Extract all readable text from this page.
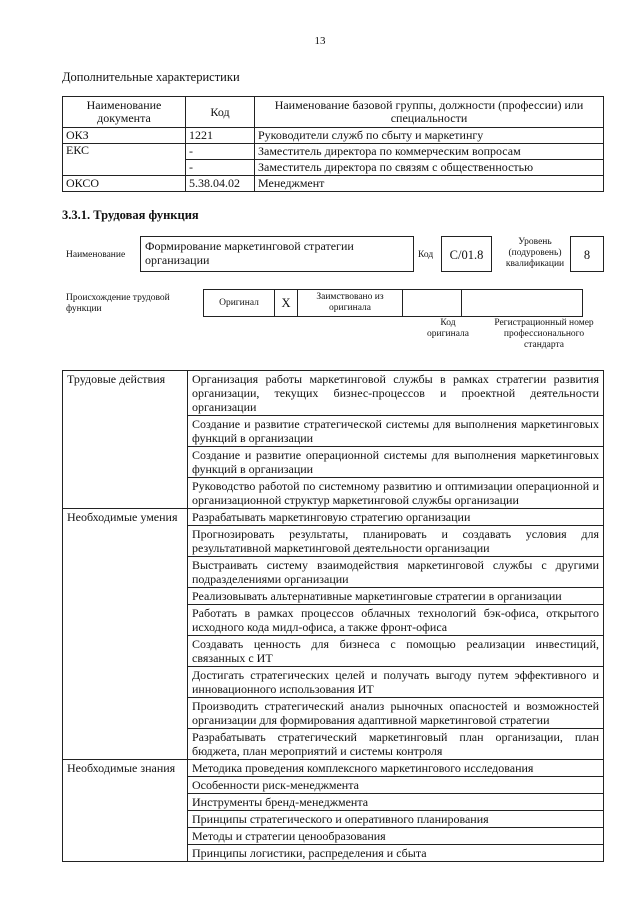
13
Дополнительные характеристики
Наименование документа	Код	Наименование базовой группы, должности (профессии) или специальности
ОКЗ	1221	Руководители служб по сбыту и маркетингу
ЕКС	-	Заместитель директора по коммерческим вопросам
	-	Заместитель директора по связям с общественностью
ОКСО	5.38.04.02	Менеджмент
3.3.1. Трудовая функция
Наименование
Формирование маркетинговой стратегии организации	Код	С/01.8
Уровень (подуровень) квалификации
8
Происхождение трудовой функции
Оригинал	Х	Заимствовано из оригинала		
Код оригинала
Регистрационный номер профессионального стандарта
Трудовые действия	Организация работы маркетинговой службы в рамках стратегии развития организации, текущих бизнес-процессов и проектной деятельности организации
	Создание и развитие стратегической системы для выполнения маркетинговых функций в организации
	Создание и развитие операционной системы для выполнения маркетинговых функций в организации
	Руководство работой по системному развитию и оптимизации операционной и организационной структур маркетинговой службы организации
Необходимые умения	Разрабатывать маркетинговую стратегию организации
	Прогнозировать результаты, планировать и создавать условия для результативной маркетинговой деятельности организации
	Выстраивать систему взаимодействия маркетинговой службы с другими подразделениями организации
	Реализовывать альтернативные маркетинговые стратегии в организации
	Работать в рамках процессов облачных технологий бэк-офиса, открытого исходного кода мидл-офиса, а также фронт-офиса
	Создавать ценность для бизнеса с помощью реализации инвестиций, связанных с ИТ
	Достигать стратегических целей и получать выгоду путем эффективного и инновационного использования ИТ
	Производить стратегический анализ рыночных опасностей и возможностей организации для формирования адаптивной маркетинговой стратегии
	Разрабатывать стратегический маркетинговый план организации, план бюджета, план мероприятий и системы контроля
Необходимые знания	Методика проведения комплексного маркетингового исследования
	Особенности риск-менеджмента
	Инструменты бренд-менеджмента
	Принципы стратегического и оперативного планирования
	Методы и стратегии ценообразования
	Принципы логистики, распределения и сбыта
